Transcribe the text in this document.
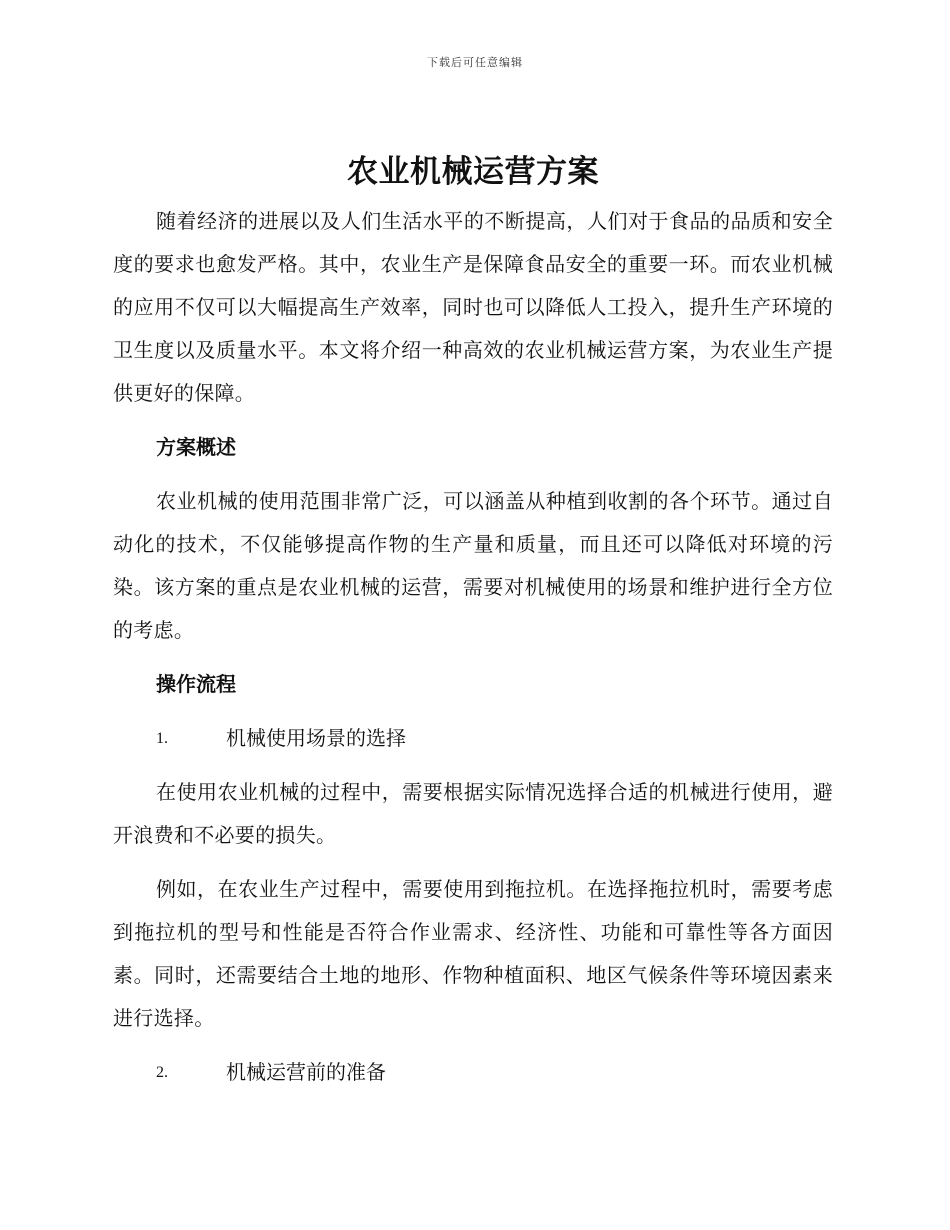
下载后可任意编辑
农业机械运营方案

随着经济的进展以及人们生活水平的不断提高，人们对于食品的品质和安全度的要求也愈发严格。其中，农业生产是保障食品安全的重要一环。而农业机械的应用不仅可以大幅提高生产效率，同时也可以降低人工投入，提升生产环境的卫生度以及质量水平。本文将介绍一种高效的农业机械运营方案，为农业生产提供更好的保障。

方案概述

农业机械的使用范围非常广泛，可以涵盖从种植到收割的各个环节。通过自动化的技术，不仅能够提高作物的生产量和质量，而且还可以降低对环境的污染。该方案的重点是农业机械的运营，需要对机械使用的场景和维护进行全方位的考虑。

操作流程
1.	机械使用场景的选择

在使用农业机械的过程中，需要根据实际情况选择合适的机械进行使用，避开浪费和不必要的损失。

例如，在农业生产过程中，需要使用到拖拉机。在选择拖拉机时，需要考虑到拖拉机的型号和性能是否符合作业需求、经济性、功能和可靠性等各方面因素。同时，还需要结合土地的地形、作物种植面积、地区气候条件等环境因素来进行选择。

2.	机械运营前的准备
